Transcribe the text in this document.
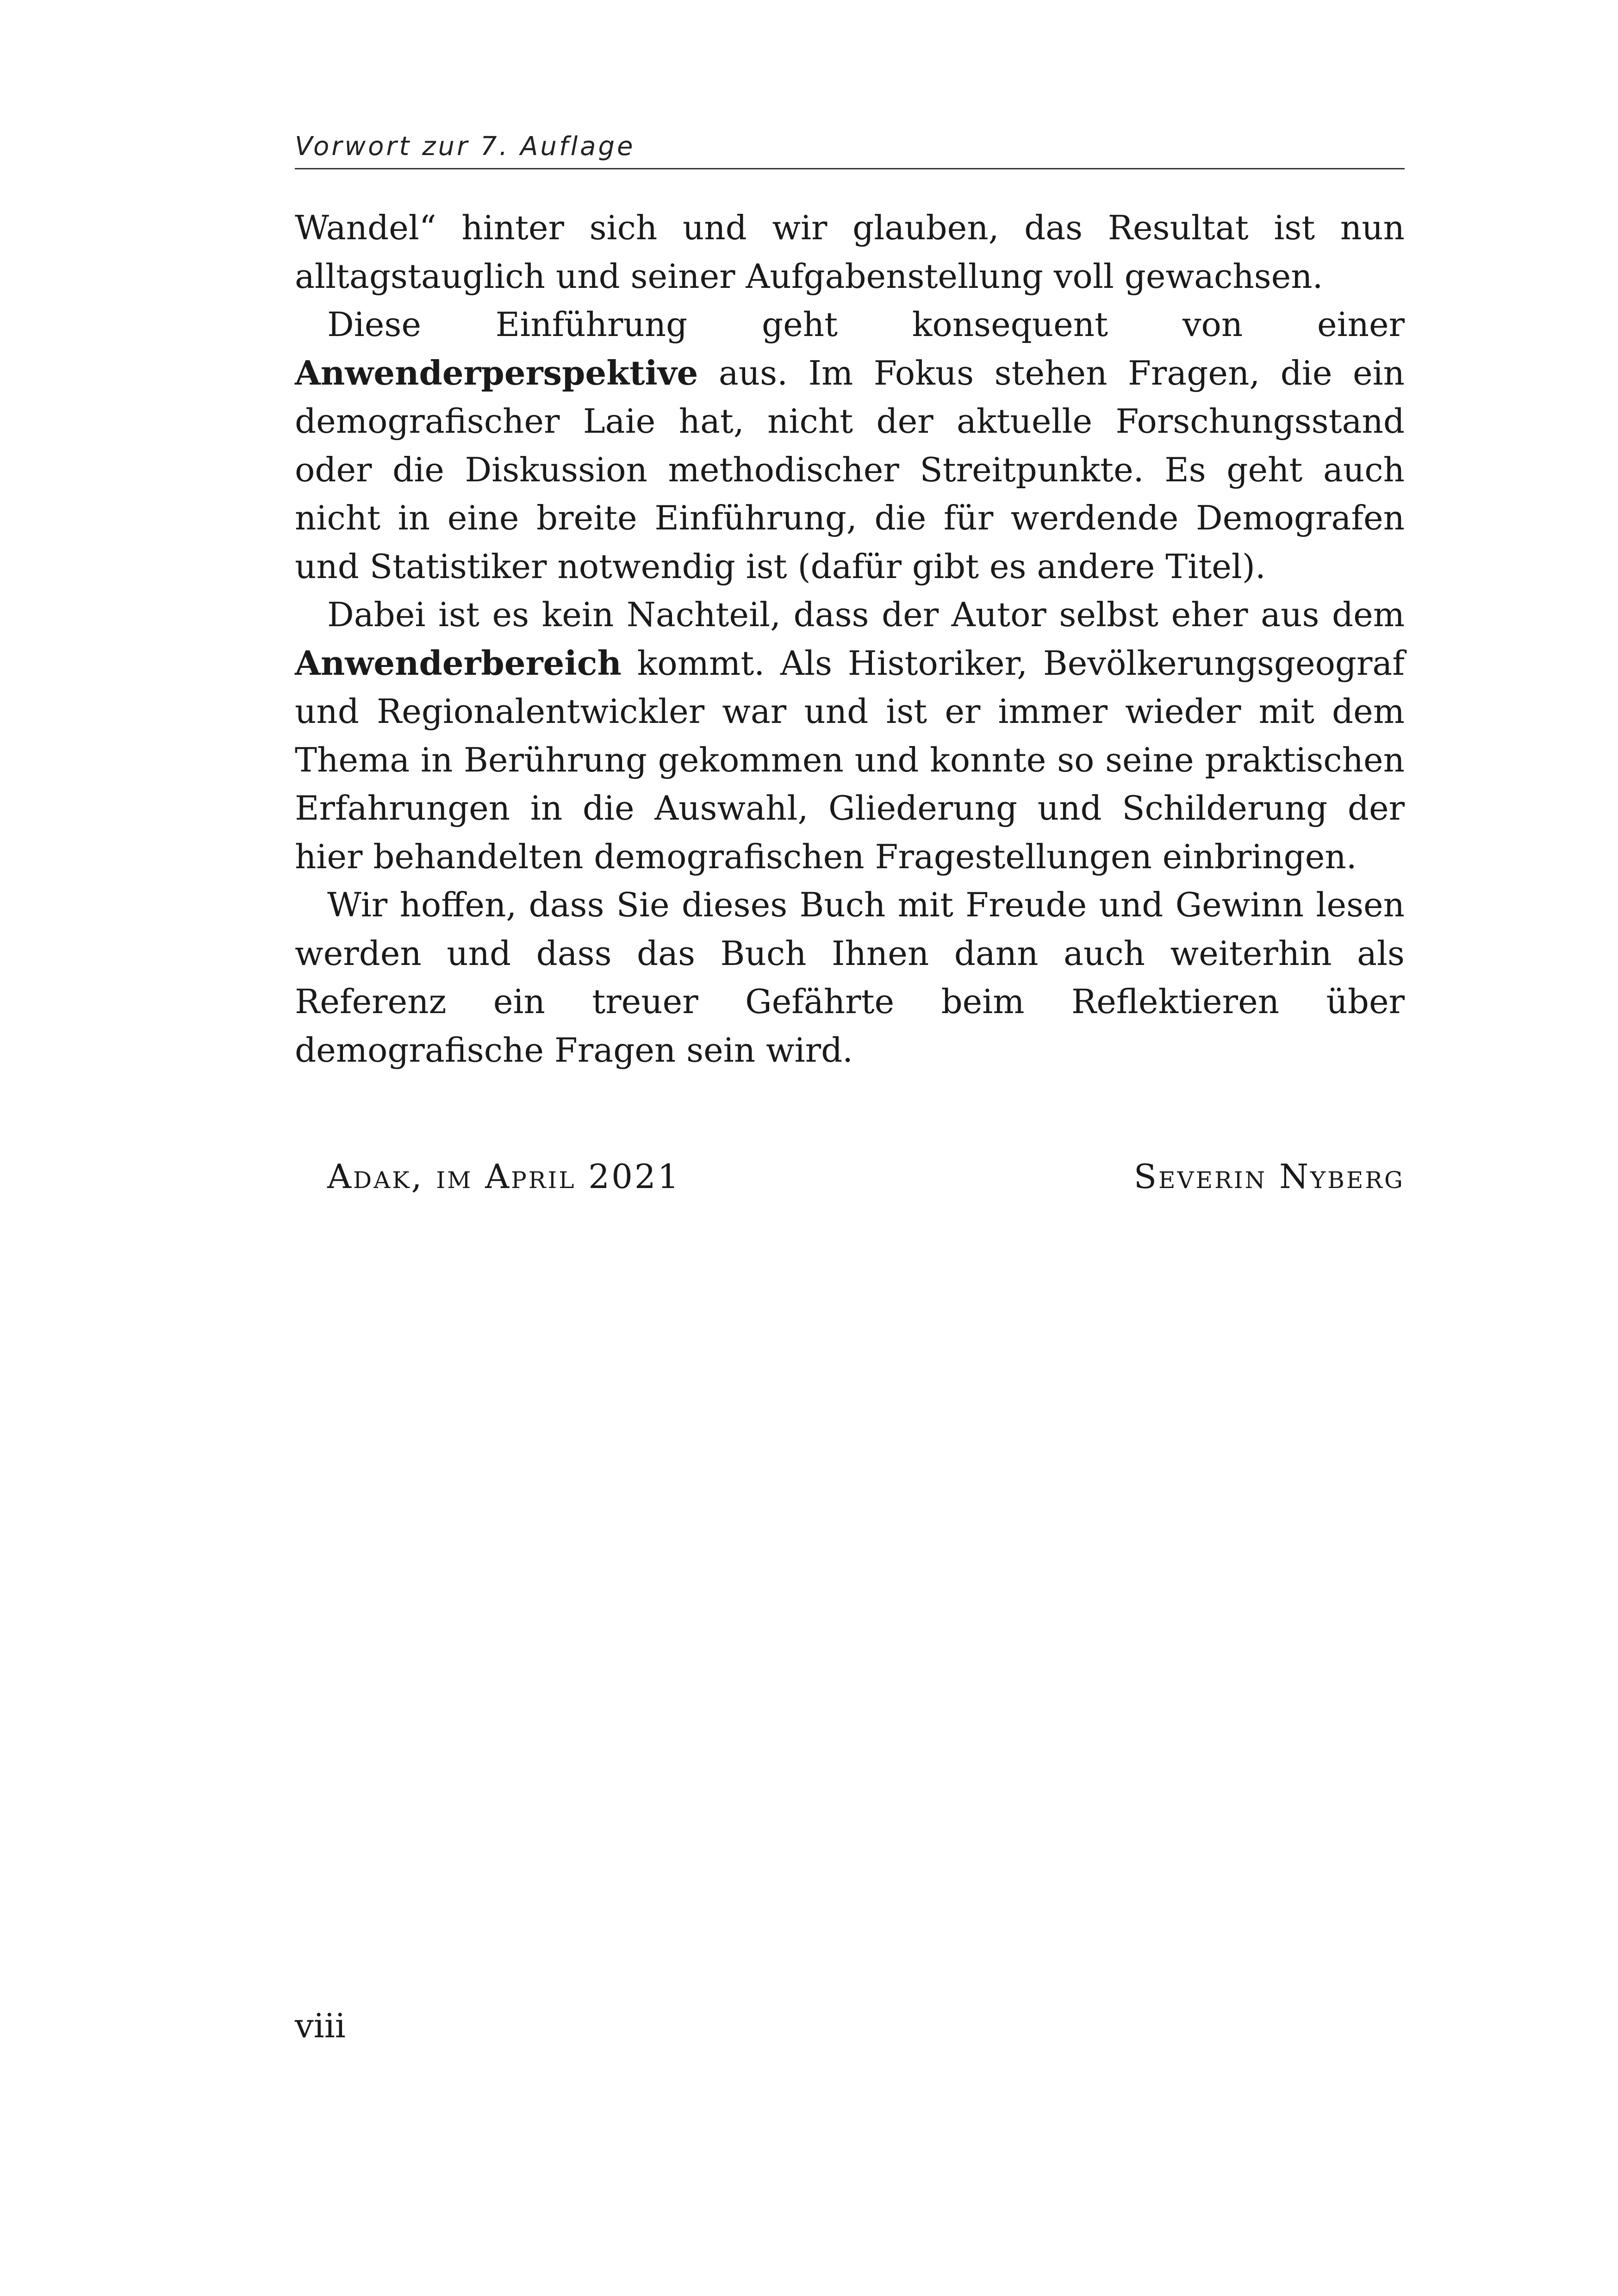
Vorwort zur 7. Auflage

Wandel“ hinter sich und wir glauben, das Resultat ist nun alltagstauglich und seiner Aufgabenstellung voll gewachsen.

Diese Einführung geht konsequent von einer Anwenderperspektive aus. Im Fokus stehen Fragen, die ein demografischer Laie hat, nicht der aktuelle Forschungsstand oder die Diskussion methodischer Streitpunkte. Es geht auch nicht in eine breite Einführung, die für werdende Demografen und Statistiker notwendig ist (dafür gibt es andere Titel).

Dabei ist es kein Nachteil, dass der Autor selbst eher aus dem Anwenderbereich kommt. Als Historiker, Bevölkerungsgeograf und Regionalentwickler war und ist er immer wieder mit dem Thema in Berührung gekommen und konnte so seine praktischen Erfahrungen in die Auswahl, Gliederung und Schilderung der hier behandelten demografischen Fragestellungen einbringen.

Wir hoffen, dass Sie dieses Buch mit Freude und Gewinn lesen werden und dass das Buch Ihnen dann auch weiterhin als Referenz ein treuer Gefährte beim Reflektieren über demografische Fragen sein wird.

Adak, im April 2021	Severin Nyberg
viii
